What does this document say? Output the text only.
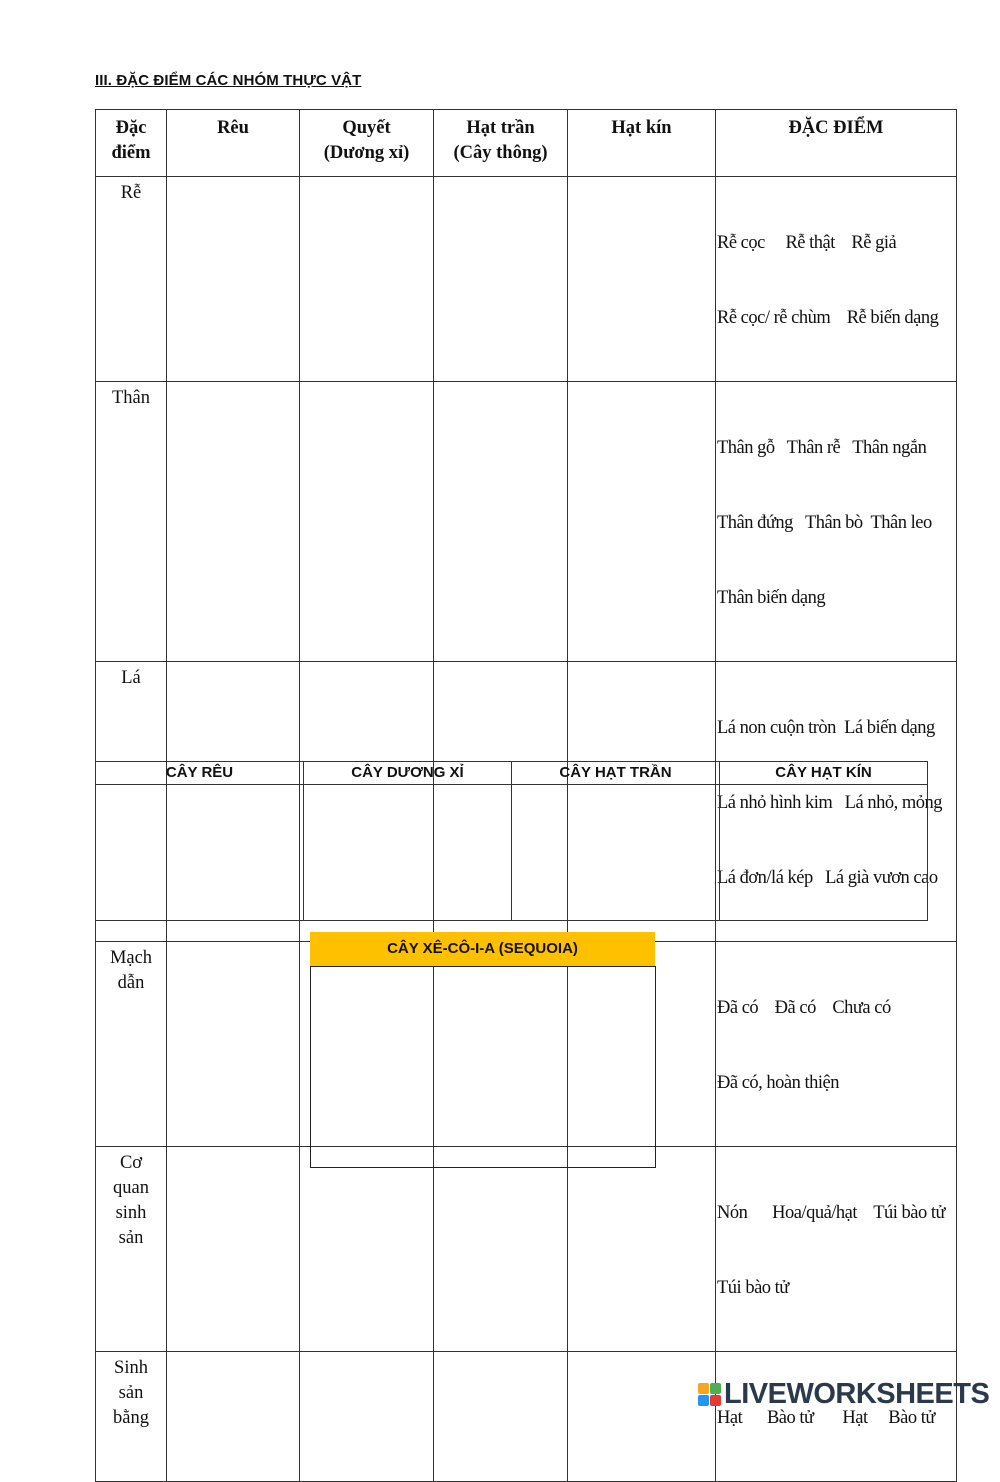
III. ĐẶC ĐIỂM CÁC NHÓM THỰC VẬT
Đặc
điểm	Rêu	Quyết
(Dương xỉ)	Hạt trần
(Cây thông)	Hạt kín	ĐẶC ĐIỂM

Rễ					Rễ cọc     Rễ thật    Rễ giả

Rễ cọc/ rễ chùm    Rễ biến dạng

Thân					Thân gỗ   Thân rễ   Thân ngắn

Thân đứng   Thân bò  Thân leo

Thân biến dạng

Lá					Lá non cuộn tròn  Lá biến dạng

Lá nhỏ hình kim   Lá nhỏ, mỏng

Lá đơn/lá kép   Lá già vươn cao

Mạch
dẫn					Đã có    Đã có    Chưa có

Đã có, hoàn thiện

Cơ
quan
sinh
sản					Nón      Hoa/quả/hạt    Túi bào tử

Túi bào tử

Sinh
sản
bằng					Hạt      Bào tử       Hạt     Bào tử

CÂY RÊU	CÂY DƯƠNG XỈ	CÂY HẠT TRẦN	CÂY HẠT KÍN

CÂY XÊ-CÔ-I-A (SEQUOIA)
LIVEWORKSHEETS
